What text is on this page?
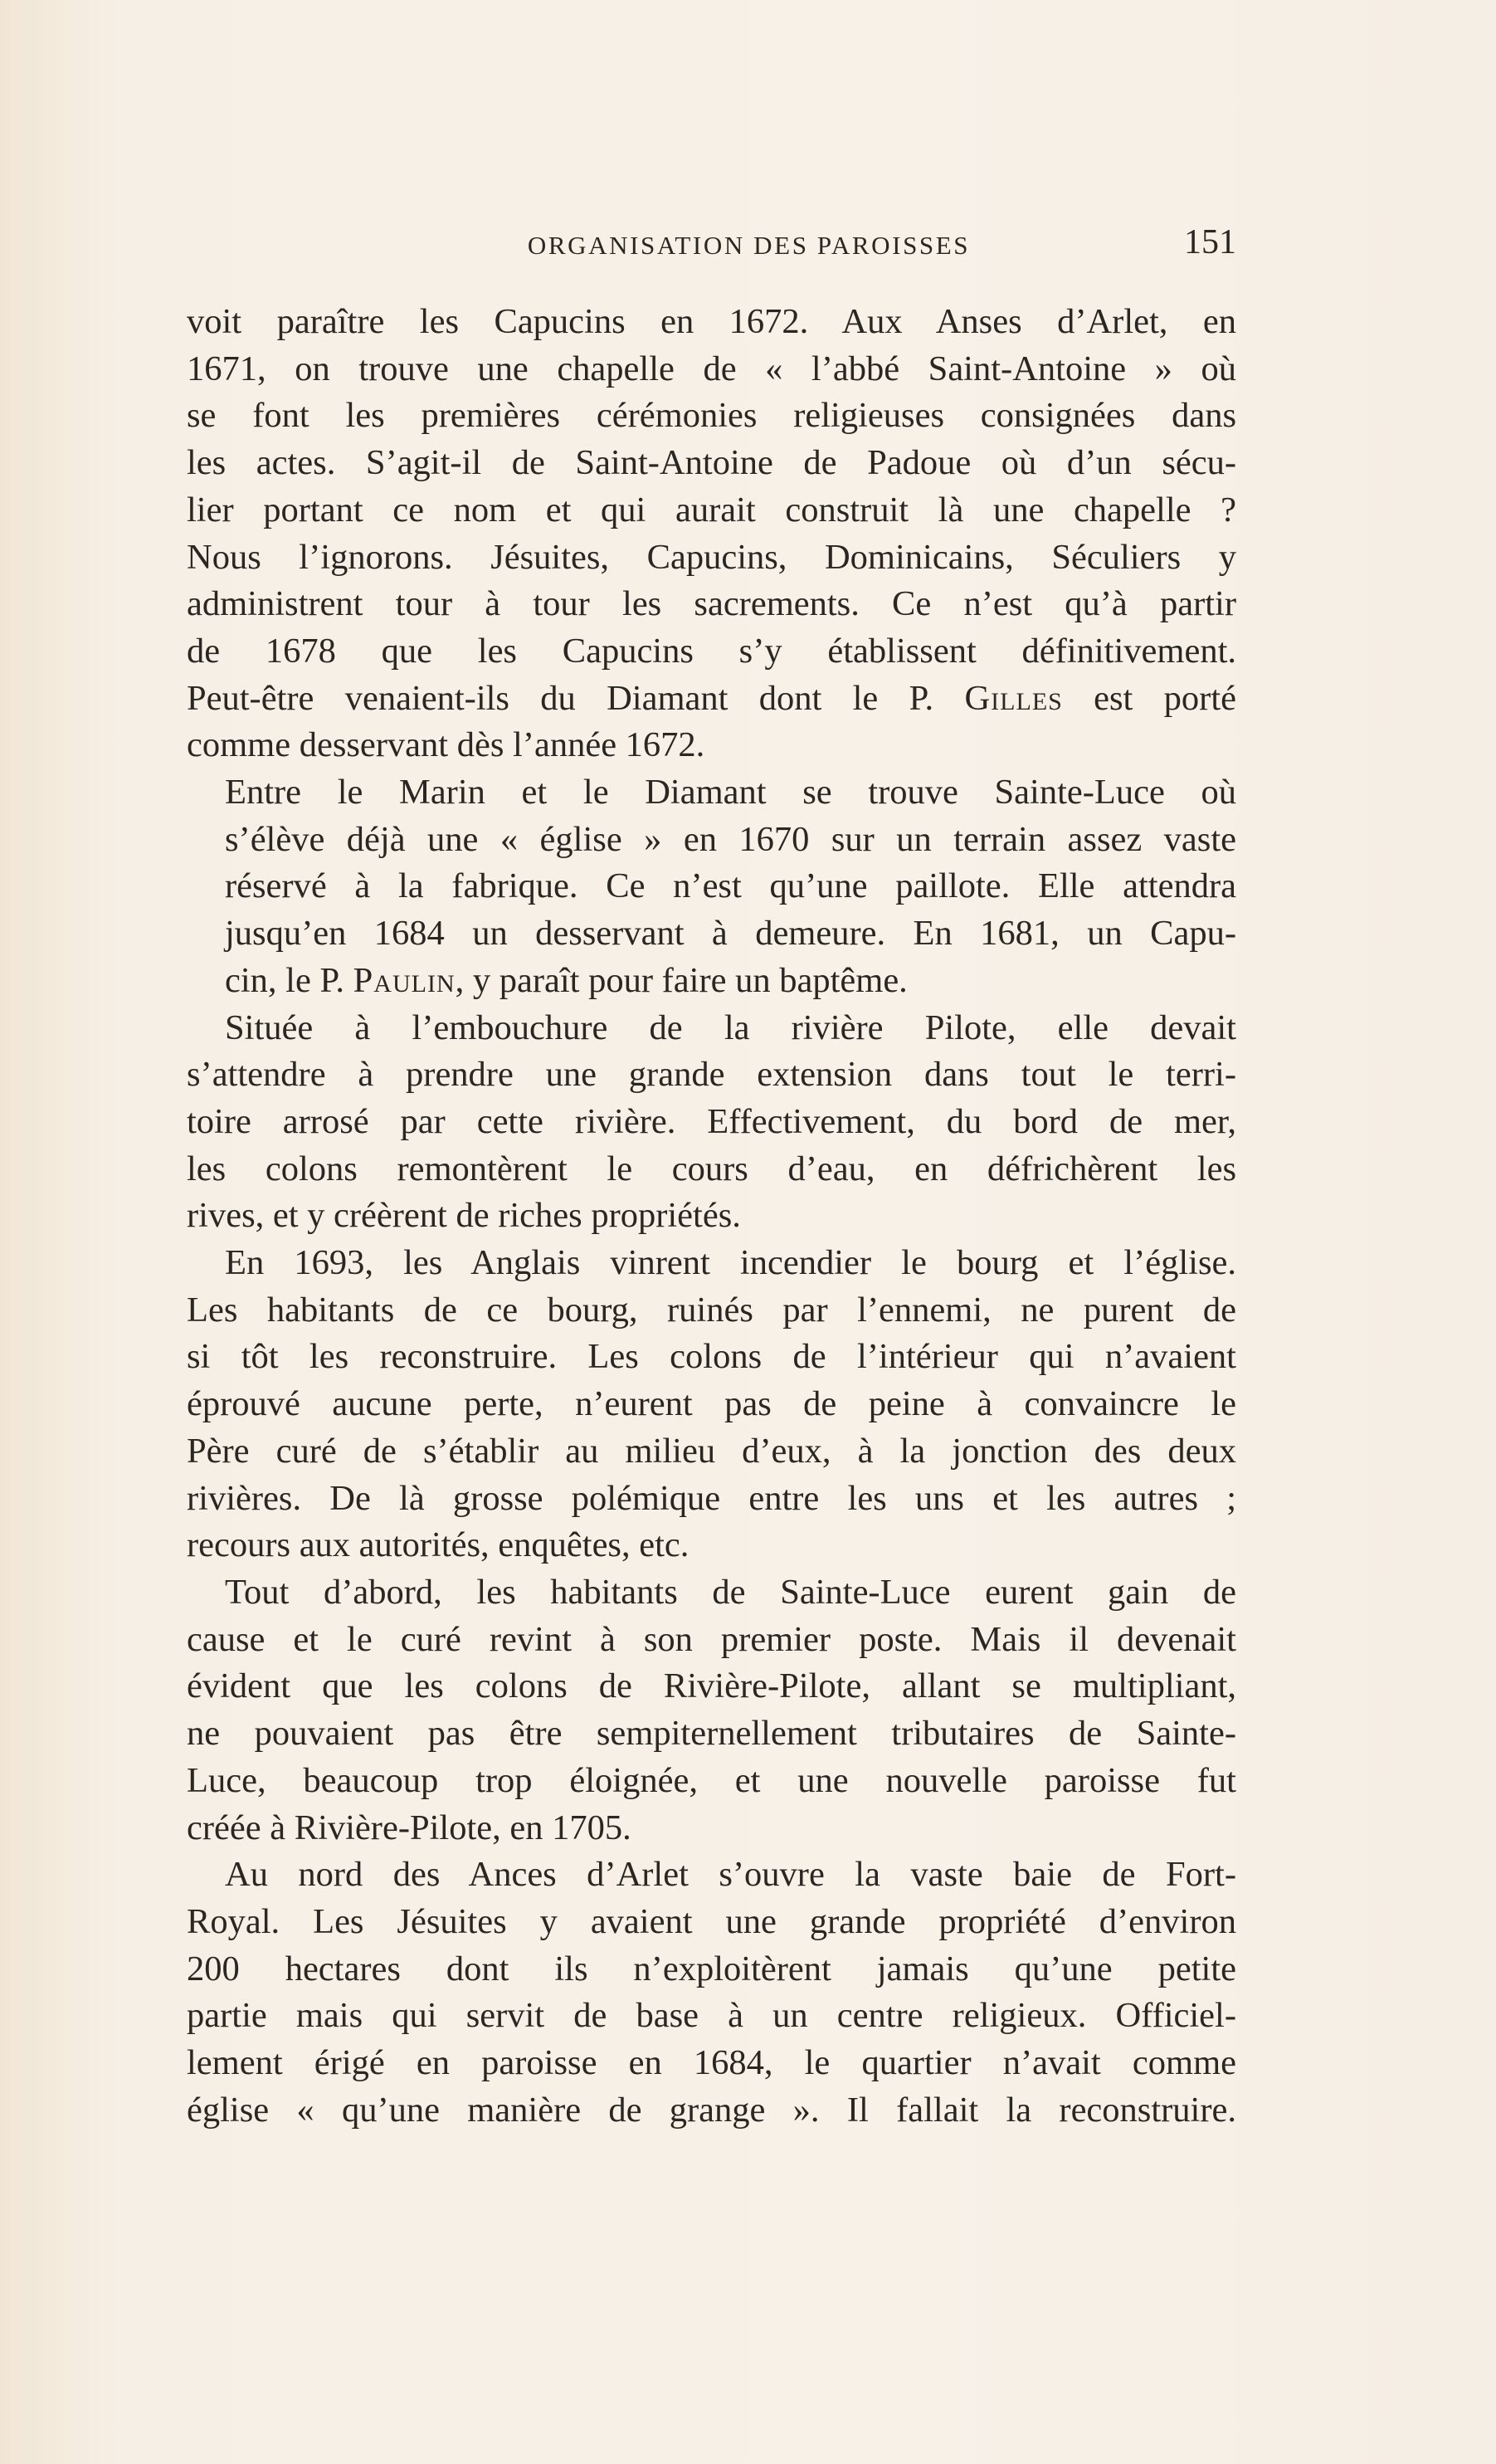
ORGANISATION DES PAROISSES	151

voit paraître les Capucins en 1672. Aux Anses d’Arlet, en
1671, on trouve une chapelle de « l’abbé Saint-Antoine » où
se font les premières cérémonies religieuses consignées dans
les actes. S’agit-il de Saint-Antoine de Padoue où d’un sécu-
lier portant ce nom et qui aurait construit là une chapelle ?
Nous l’ignorons. Jésuites, Capucins, Dominicains, Séculiers y
administrent tour à tour les sacrements. Ce n’est qu’à partir
de 1678 que les Capucins s’y établissent définitivement.
Peut-être venaient-ils du Diamant dont le P. Gilles est porté
comme desservant dès l’année 1672.

Entre le Marin et le Diamant se trouve Sainte-Luce où
s’élève déjà une « église » en 1670 sur un terrain assez vaste
réservé à la fabrique. Ce n’est qu’une paillote. Elle attendra
jusqu’en 1684 un desservant à demeure. En 1681, un Capu-
cin, le P. Paulin, y paraît pour faire un baptême.

Située à l’embouchure de la rivière Pilote, elle devait
s’attendre à prendre une grande extension dans tout le terri-
toire arrosé par cette rivière. Effectivement, du bord de mer,
les colons remontèrent le cours d’eau, en défrichèrent les
rives, et y créèrent de riches propriétés.

En 1693, les Anglais vinrent incendier le bourg et l’église.
Les habitants de ce bourg, ruinés par l’ennemi, ne purent de
si tôt les reconstruire. Les colons de l’intérieur qui n’avaient
éprouvé aucune perte, n’eurent pas de peine à convaincre le
Père curé de s’établir au milieu d’eux, à la jonction des deux
rivières. De là grosse polémique entre les uns et les autres ;
recours aux autorités, enquêtes, etc.

Tout d’abord, les habitants de Sainte-Luce eurent gain de
cause et le curé revint à son premier poste. Mais il devenait
évident que les colons de Rivière-Pilote, allant se multipliant,
ne pouvaient pas être sempiternellement tributaires de Sainte-
Luce, beaucoup trop éloignée, et une nouvelle paroisse fut
créée à Rivière-Pilote, en 1705.

Au nord des Ances d’Arlet s’ouvre la vaste baie de Fort-
Royal. Les Jésuites y avaient une grande propriété d’environ
200 hectares dont ils n’exploitèrent jamais qu’une petite
partie mais qui servit de base à un centre religieux. Officiel-
lement érigé en paroisse en 1684, le quartier n’avait comme
église « qu’une manière de grange ». Il fallait la reconstruire.
